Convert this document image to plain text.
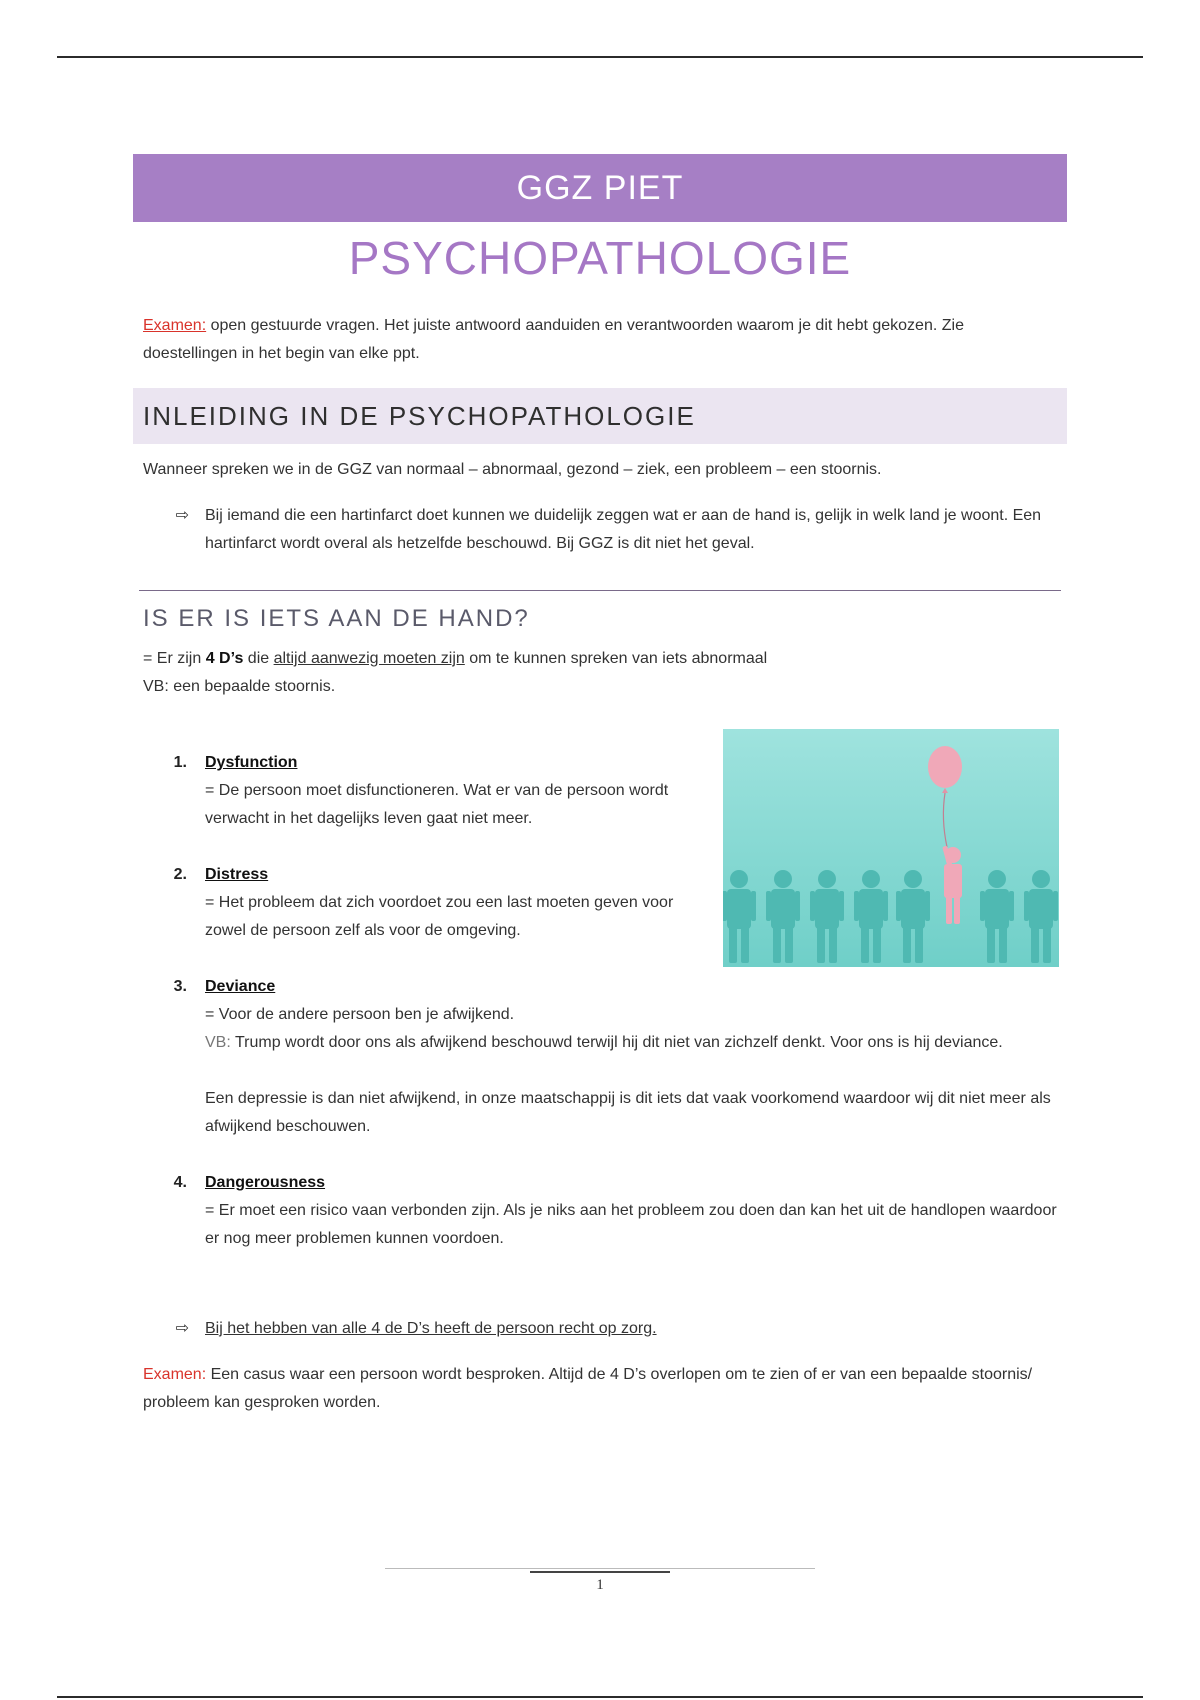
GGZ PIET
PSYCHOPATHOLOGIE

Examen: open gestuurde vragen. Het juiste antwoord aanduiden en verantwoorden waarom je dit hebt gekozen. Zie doestellingen in het begin van elke ppt.

INLEIDING IN DE PSYCHOPATHOLOGIE

Wanneer spreken we in de GGZ van normaal – abnormaal, gezond – ziek, een probleem – een stoornis.

⇨	Bij iemand die een hartinfarct doet kunnen we duidelijk zeggen wat er aan de hand is, gelijk in welk land je woont. Een hartinfarct wordt overal als hetzelfde beschouwd. Bij GGZ is dit niet het geval.

IS ER IS IETS AAN DE HAND?

= Er zijn 4 D’s die altijd aanwezig moeten zijn om te kunnen spreken van iets abnormaal

VB: een bepaalde stoornis.

1.	Dysfunction

= De persoon moet disfunctioneren. Wat er van de persoon wordt verwacht in het dagelijks leven gaat niet meer.

2.	Distress

= Het probleem dat zich voordoet zou een last moeten geven voor zowel de persoon zelf als voor de omgeving.

3.	Deviance

= Voor de andere persoon ben je afwijkend.

VB: Trump wordt door ons als afwijkend beschouwd terwijl hij dit niet van zichzelf denkt. Voor ons is hij deviance.

Een depressie is dan niet afwijkend, in onze maatschappij is dit iets dat vaak voorkomend waardoor wij dit niet meer als afwijkend beschouwen.

4.	Dangerousness

= Er moet een risico vaan verbonden zijn. Als je niks aan het probleem zou doen dan kan het uit de handlopen waardoor er nog meer problemen kunnen voordoen.

⇨	Bij het hebben van alle 4 de D’s heeft de persoon recht op zorg.

Examen: Een casus waar een persoon wordt besproken. Altijd de 4 D’s overlopen om te zien of er van een bepaalde stoornis/ probleem kan gesproken worden.

1
